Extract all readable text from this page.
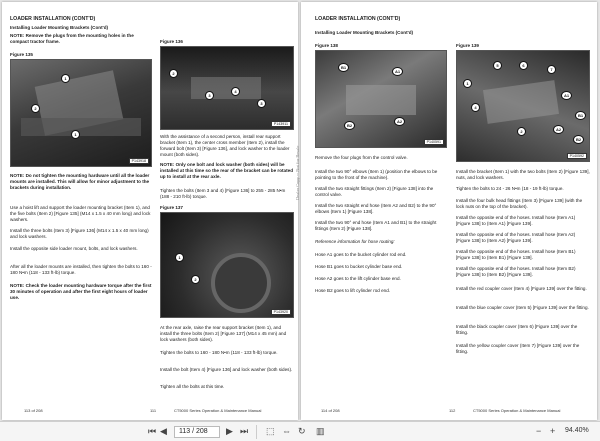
LOADER INSTALLATION (CONT'D)
Installing Loader Mounting Brackets (Cont'd)
NOTE: Remove the plugs from the mounting holes in the compact tractor frame.
Figure 135
1
2
1
P143918
NOTE: Do not tighten the mounting hardware until all the loader mounts are installed. This will allow for minor adjustment to the brackets during installation.
Use a hoist lift and support the loader mounting bracket (Item 1), and the five bolts (Item 2) [Figure 135] (M14 x 1.5 x 40 mm long) and lock washers.
Install the three bolts (Item 3) [Figure 136] (M14 x 1.5 x 40 mm long) and lock washers.
Install the opposite side loader mount, bolts, and lock washers.
After all the loader mounts are installed, then tighten the bolts to 160 - 180 N•m (118 - 133 ft-lb) torque.
NOTE: Check the loader mounting hardware torque after the first 30 minutes of operation and after the first eight hours of loader use.
Figure 136
2
3
4
3
P143911
With the assistance of a second person, install rear support bracket (Item 1), the center cross member (Item 2), install the forward bolt (Item 3) [Figure 136], and lock washer to the loader mount (both sides).
NOTE: Only one bolt and lock washer (both sides) will be installed at this time so the rear of the bracket can be rotated up to install at the rear axle.
Tighten the bolts (Item 3 and 4) [Figure 136] to 255 - 285 N•m (188 - 210 ft-lb) torque.
Figure 137
1
2
P143920
At the rear axle, raise the rear support bracket (Item 1), and install the three bolts (Item 2) [Figure 137] (M14 x 45 mm) and lock washers (both sides).
Tighten the bolts to 160 - 180 N•m (118 - 133 ft-lb) torque.
Install the bolt (Item 4) [Figure 136] and lock washer (both sides).
Tighten all the bolts at this time.
113 of 208	111	CT5000 Series Operation & Maintenance Manual
Dealer Copy -- Not for Resale
LOADER INSTALLATION (CONT'D)
Installing Loader Mounting Brackets (Cont'd)
Figure 138
B1
A1
B2
A2
P140591
Remove the four plugs from the control valve.
Install the two 90° elbows (Item 1) (position the elbows to be pointing to the front of the machine).
Install the two straight fittings (Item 2) [Figure 138] into the control valve.
Install the two straight end hose (Item A2 and B2) to the 90° elbows (Item 1) [Figure 138].
Install the two 90° end hose (Item A1 and B1) to the straight fittings (Item 2) [Figure 138].
Reference information for hose routing:
Hose A1 goes to the bucket cylinder rod end.
Hose B1 goes to bucket cylinder base end.
Hose A2 goes to the lift cylinder base end.
Hose B2 goes to lift cylinder rod end.
Figure 139
1
5	6
7
4
2
A1
B1
A2
B2
P140592
Install the bracket (Item 1) with the two bolts (Item 2) [Figure 139], nuts, and lock washers.
Tighten the bolts to 24 - 26 N•m (18 - 19 ft-lb) torque.
Install the four bulk head fittings (Item 3) [Figure 139] (with the lock nuts on the top of the bracket).
Install the opposite end of the hoses. Install hose (Item A1) [Figure 138] to (Item A1) [Figure 139].
Install the opposite end of the hoses. Install hose (Item A2) [Figure 138] to (Item A2) [Figure 139].
Install the opposite end of the hoses. Install hose (Item B1) [Figure 138] to (Item B1) [Figure 139].
Install the opposite end of the hoses. Install hose (Item B2) [Figure 138] to (Item B2) [Figure 139].
Install the red coupler cover (Item 4) [Figure 139] over the fitting.
Install the blue coupler cover (Item 5) [Figure 139] over the fitting.
Install the black coupler cover (Item 6) [Figure 139] over the fitting.
Install the yellow coupler cover (Item 7) [Figure 139] over the fitting.
114 of 208	112	CT5000 Series Operation & Maintenance Manual
⏮ ◀	113 / 208	▶ ⏭ ⬚ ⇔ ↻ ▥	− + 94.40%
